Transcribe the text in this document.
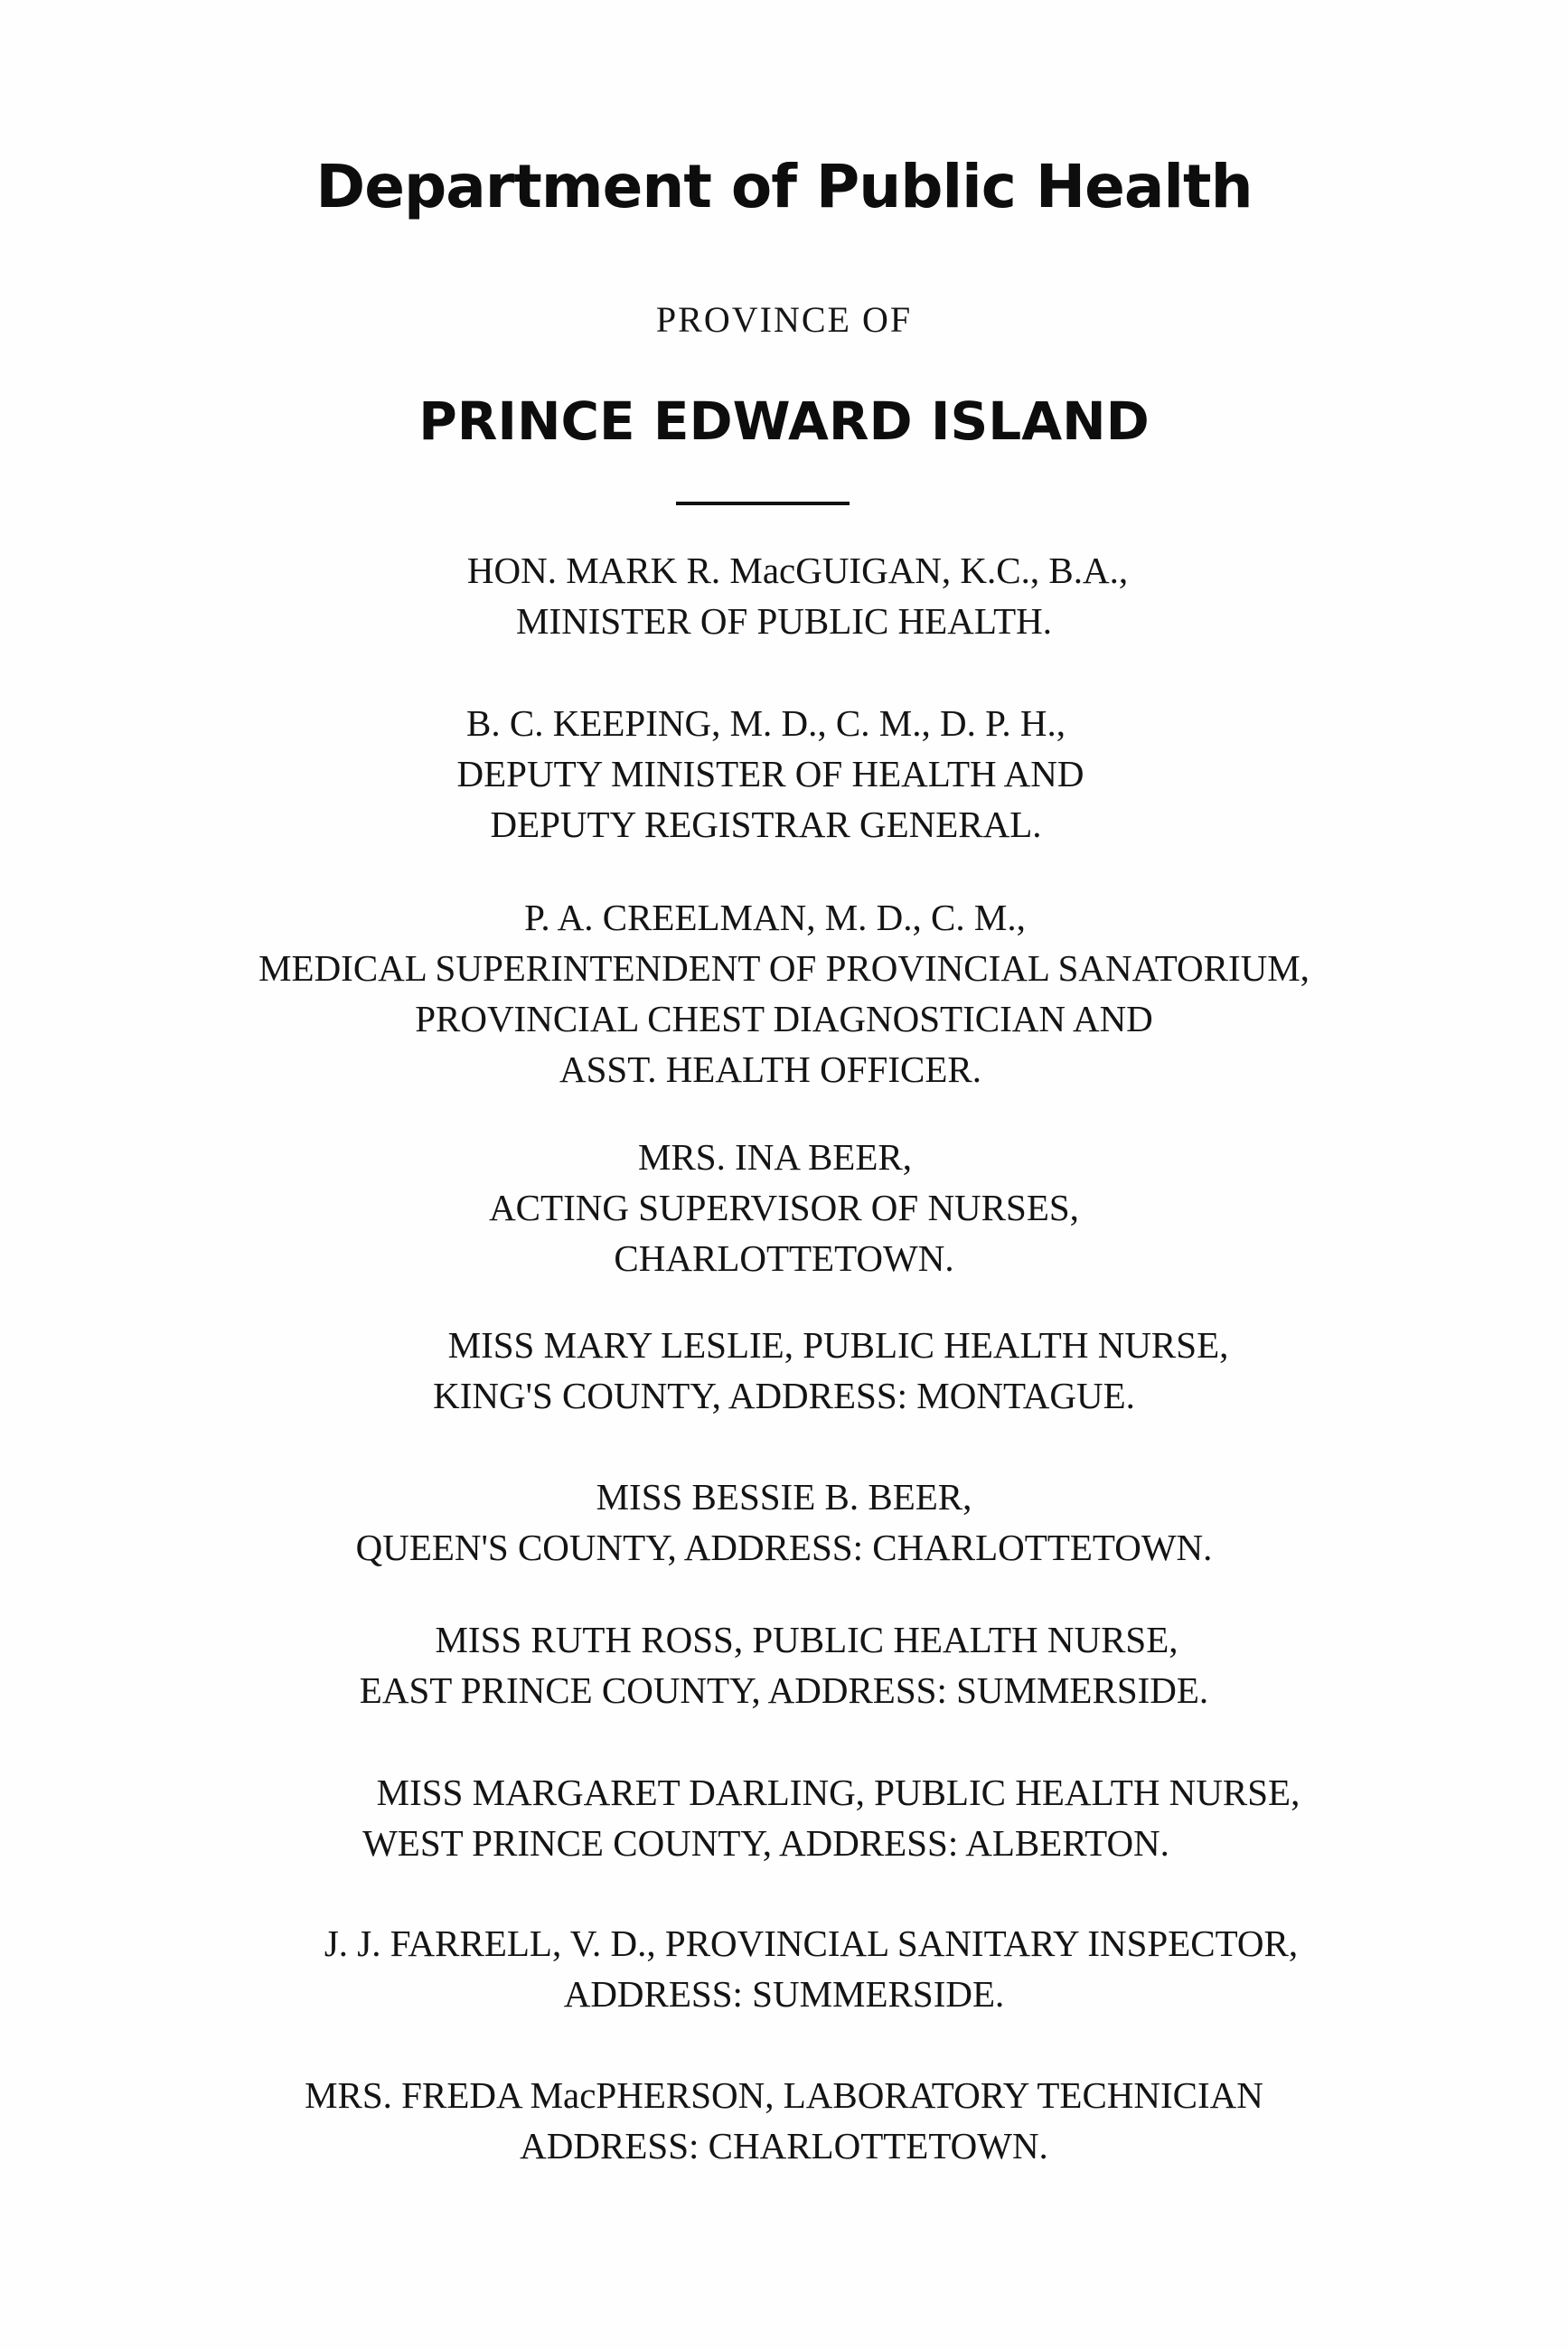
Department of Public Health
PROVINCE OF
PRINCE EDWARD ISLAND
HON. MARK R. MacGUIGAN, K.C., B.A.,
MINISTER OF PUBLIC HEALTH.
B. C. KEEPING, M. D., C. M., D. P. H.,
DEPUTY MINISTER OF HEALTH AND
DEPUTY REGISTRAR GENERAL.
P. A. CREELMAN, M. D., C. M.,
MEDICAL SUPERINTENDENT OF PROVINCIAL SANATORIUM,
PROVINCIAL CHEST DIAGNOSTICIAN AND
ASST. HEALTH OFFICER.
MRS. INA BEER,
ACTING SUPERVISOR OF NURSES,
CHARLOTTETOWN.
MISS MARY LESLIE, PUBLIC HEALTH NURSE,
KING'S COUNTY, ADDRESS: MONTAGUE.
MISS BESSIE B. BEER,
QUEEN'S COUNTY, ADDRESS: CHARLOTTETOWN.
MISS RUTH ROSS, PUBLIC HEALTH NURSE,
EAST PRINCE COUNTY, ADDRESS: SUMMERSIDE.
MISS MARGARET DARLING, PUBLIC HEALTH NURSE,
WEST PRINCE COUNTY, ADDRESS: ALBERTON.
J. J. FARRELL, V. D., PROVINCIAL SANITARY INSPECTOR,
ADDRESS: SUMMERSIDE.
MRS. FREDA MacPHERSON, LABORATORY TECHNICIAN
ADDRESS: CHARLOTTETOWN.
